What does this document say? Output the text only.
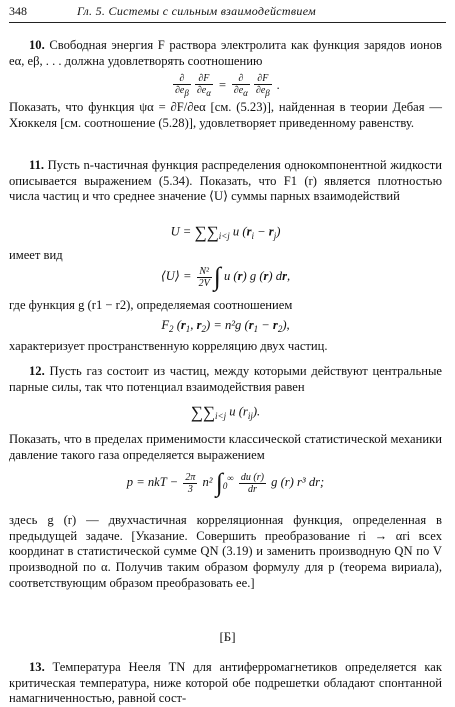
348	Гл. 5. Системы с сильным взаимодействием

10. Свободная энергия F раствора электролита как функция зарядов ионов eα, eβ, . . . должна удовлетворять соотношению

$\frac{\partial}{\partial e\beta} \frac{\partial F}{\partial e\alpha} = \frac{\partial}{\partial e\alpha} \frac{\partial F}{\partial e\beta}$ .

Показать, что функция ψα = ∂F/∂eα [см. (5.23)], найденная в теории Дебая — Хюккеля [см. соотношение (5.28)], удовлетворяет приведенному равенству.

11. Пусть n-частичная функция распределения однокомпонентной жидкости описывается выражением (5.34). Показать, что F1 (r) является плотностью числа частиц и что среднее значение ⟨U⟩ суммы парных взаимодействий

U = ∑∑i<j u (ri − rj)

имеет вид

⟨U⟩ = $\frac{\text{N²}}{2V}$ ∫ u (r) g (r) dr,

где функция g (r1 − r2), определяемая соотношением

F2 (r1, r2) = n²g (r1 − r2),

характеризует пространственную корреляцию двух частиц.

12. Пусть газ состоит из частиц, между которыми действуют центральные парные силы, так что потенциал взаимодействия равен

∑∑i<j u (rij).

Показать, что в пределах применимости классической статистической механики давление такого газа определяется выражением

p = nkT − $\frac{2\pi}{3} n^2$ $\int 0\infty \frac{du (r)}{dr}$ g (r) r³ dr;

здесь g (r) — двухчастичная корреляционная функция, определенная в предыдущей задаче. [Указание. Совершить преобразование ri → αri всех координат в статистической сумме QN (3.19) и заменить производную QN по V производной по α. Получив таким образом формулу для p (теорема вириала), соответствующим образом преобразовать ее.]

[Б]

13. Температура Нееля TN для антиферромагнетиков определяется как критическая температура, ниже которой обе подрешетки обладают спонтанной намагниченностью, равной сост-
